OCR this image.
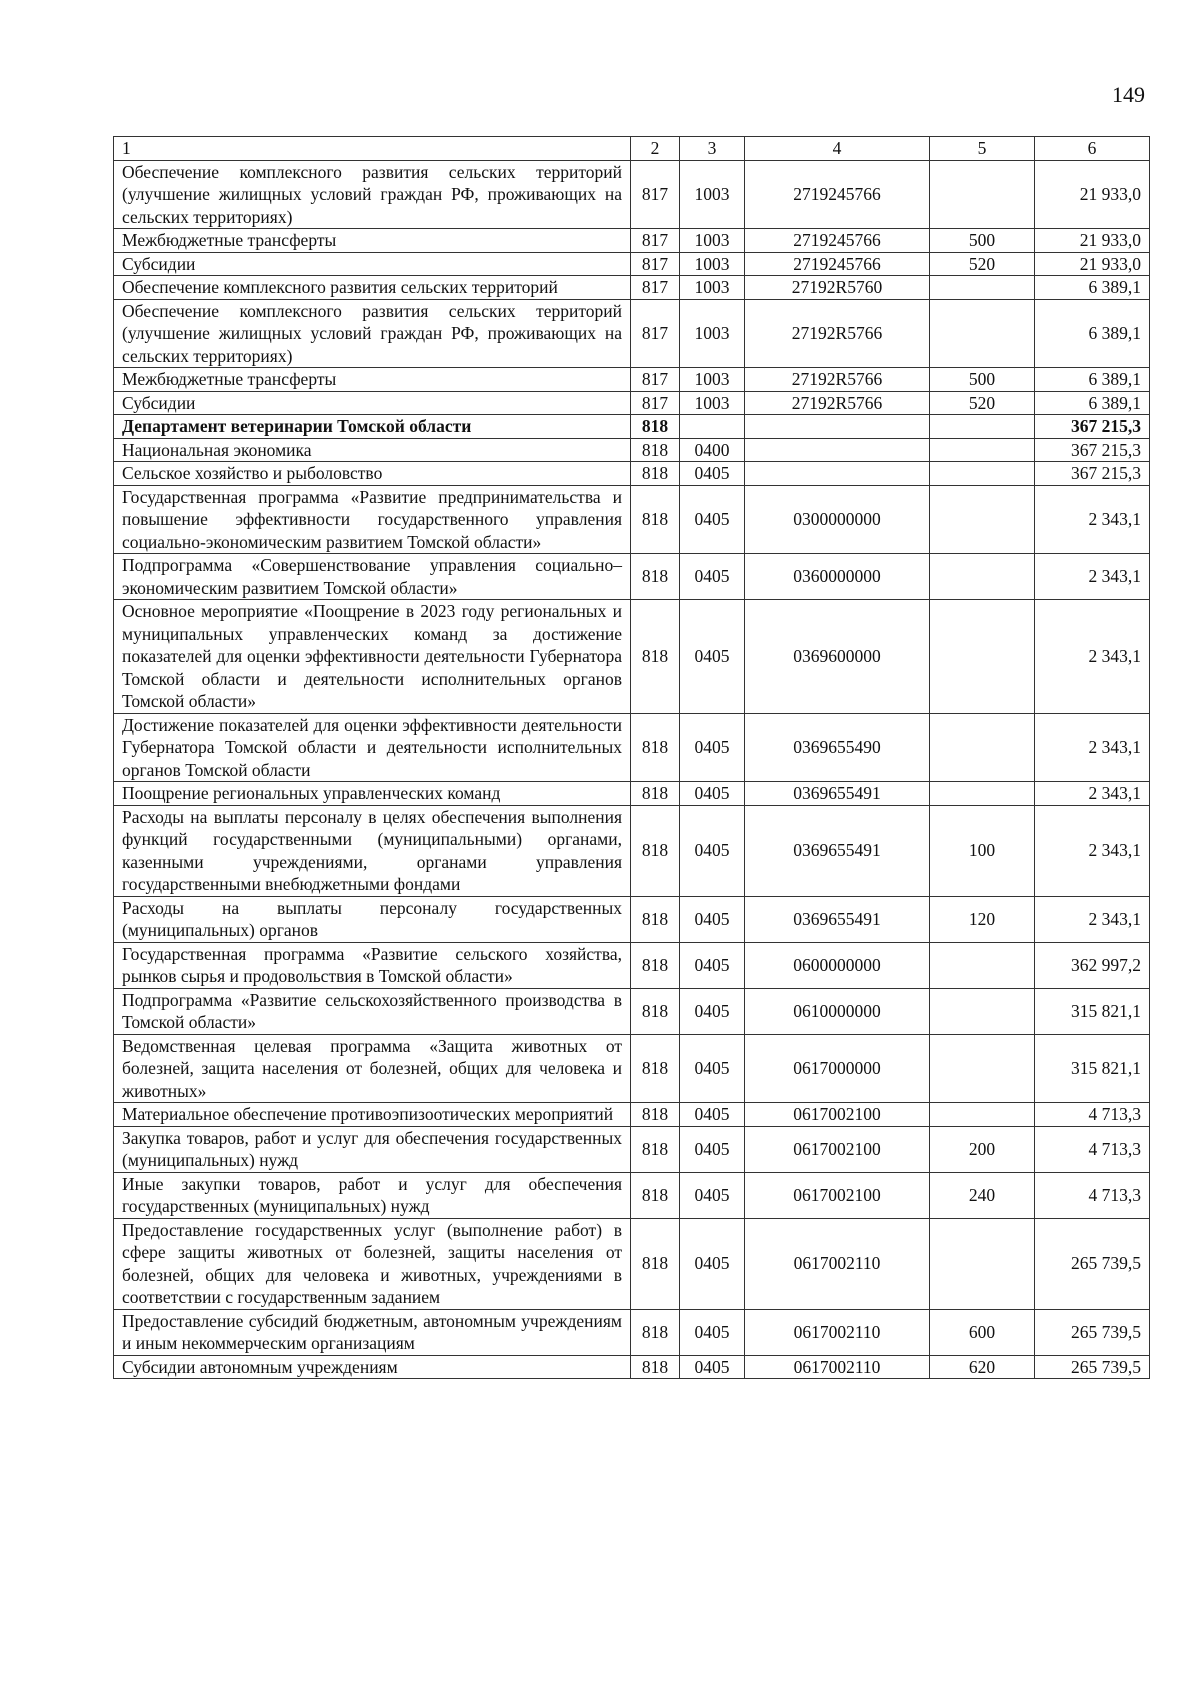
149
1	2	3	4	5	6
Обеспечение комплексного развития сельских территорий (улучшение жилищных условий граждан РФ, проживающих на сельских территориях)	817	1003	2719245766		21 933,0
Межбюджетные трансферты	817	1003	2719245766	500	21 933,0
Субсидии	817	1003	2719245766	520	21 933,0
Обеспечение комплексного развития сельских территорий	817	1003	27192R5760		6 389,1
Обеспечение комплексного развития сельских территорий (улучшение жилищных условий граждан РФ, проживающих на сельских территориях)	817	1003	27192R5766		6 389,1
Межбюджетные трансферты	817	1003	27192R5766	500	6 389,1
Субсидии	817	1003	27192R5766	520	6 389,1
Департамент ветеринарии Томской области	818				367 215,3
Национальная экономика	818	0400			367 215,3
Сельское хозяйство и рыболовство	818	0405			367 215,3
Государственная программа «Развитие предпринимательства и повышение эффективности государственного управления социально-экономическим развитием Томской области»	818	0405	0300000000		2 343,1
Подпрограмма «Совершенствование управления социально–экономическим развитием Томской области»	818	0405	0360000000		2 343,1
Основное мероприятие «Поощрение в 2023 году региональных и муниципальных управленческих команд за достижение показателей для оценки эффективности деятельности Губернатора Томской области и деятельности исполнительных органов Томской области»	818	0405	0369600000		2 343,1
Достижение показателей для оценки эффективности деятельности Губернатора Томской области и деятельности исполнительных органов Томской области	818	0405	0369655490		2 343,1
Поощрение региональных управленческих команд	818	0405	0369655491		2 343,1
Расходы на выплаты персоналу в целях обеспечения выполнения функций государственными (муниципальными) органами, казенными учреждениями, органами управления государственными внебюджетными фондами	818	0405	0369655491	100	2 343,1
Расходы на выплаты персоналу государственных (муниципальных) органов	818	0405	0369655491	120	2 343,1
Государственная программа «Развитие сельского хозяйства, рынков сырья и продовольствия в Томской области»	818	0405	0600000000		362 997,2
Подпрограмма «Развитие сельскохозяйственного производства в Томской области»	818	0405	0610000000		315 821,1
Ведомственная целевая программа «Защита животных от болезней, защита населения от болезней, общих для человека и животных»	818	0405	0617000000		315 821,1
Материальное обеспечение противоэпизоотических мероприятий	818	0405	0617002100		4 713,3
Закупка товаров, работ и услуг для обеспечения государственных (муниципальных) нужд	818	0405	0617002100	200	4 713,3
Иные закупки товаров, работ и услуг для обеспечения государственных (муниципальных) нужд	818	0405	0617002100	240	4 713,3
Предоставление государственных услуг (выполнение работ) в сфере защиты животных от болезней, защиты населения от болезней, общих для человека и животных, учреждениями в соответствии с государственным заданием	818	0405	0617002110		265 739,5
Предоставление субсидий бюджетным, автономным учреждениям и иным некоммерческим организациям	818	0405	0617002110	600	265 739,5
Субсидии автономным учреждениям	818	0405	0617002110	620	265 739,5
